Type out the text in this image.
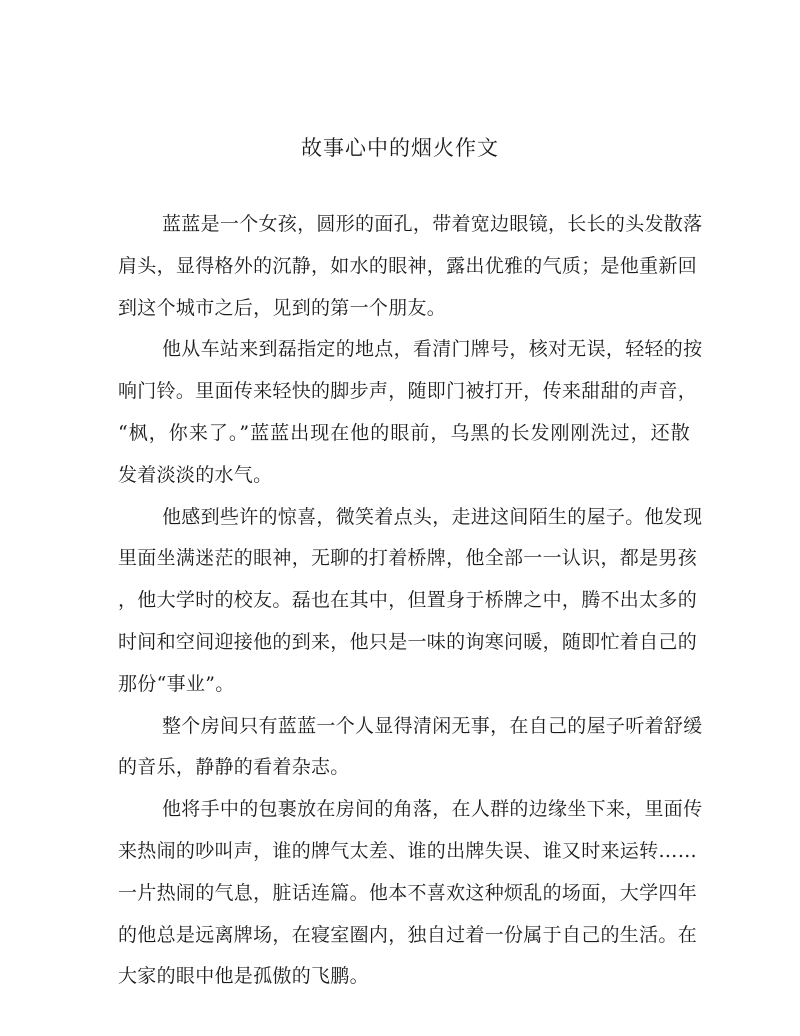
故事心中的烟火作文
蓝蓝是一个女孩，圆形的面孔，带着宽边眼镜，长长的头发散落
肩头，显得格外的沉静，如水的眼神，露出优雅的气质；是他重新回
到这个城市之后，见到的第一个朋友。
他从车站来到磊指定的地点，看清门牌号，核对无误，轻轻的按
响门铃。里面传来轻快的脚步声，随即门被打开，传来甜甜的声音，
“枫，你来了。”蓝蓝出现在他的眼前，乌黑的长发刚刚洗过，还散
发着淡淡的水气。
他感到些许的惊喜，微笑着点头，走进这间陌生的屋子。他发现
里面坐满迷茫的眼神，无聊的打着桥牌，他全部一一认识，都是男孩
，他大学时的校友。磊也在其中，但置身于桥牌之中，腾不出太多的
时间和空间迎接他的到来，他只是一味的询寒问暖，随即忙着自己的
那份“事业”。
整个房间只有蓝蓝一个人显得清闲无事，在自己的屋子听着舒缓
的音乐，静静的看着杂志。
他将手中的包裹放在房间的角落，在人群的边缘坐下来，里面传
来热闹的吵叫声，谁的牌气太差、谁的出牌失误、谁又时来运转……
一片热闹的气息，脏话连篇。他本不喜欢这种烦乱的场面，大学四年
的他总是远离牌场，在寝室圈内，独自过着一份属于自己的生活。在
大家的眼中他是孤傲的飞鹏。
